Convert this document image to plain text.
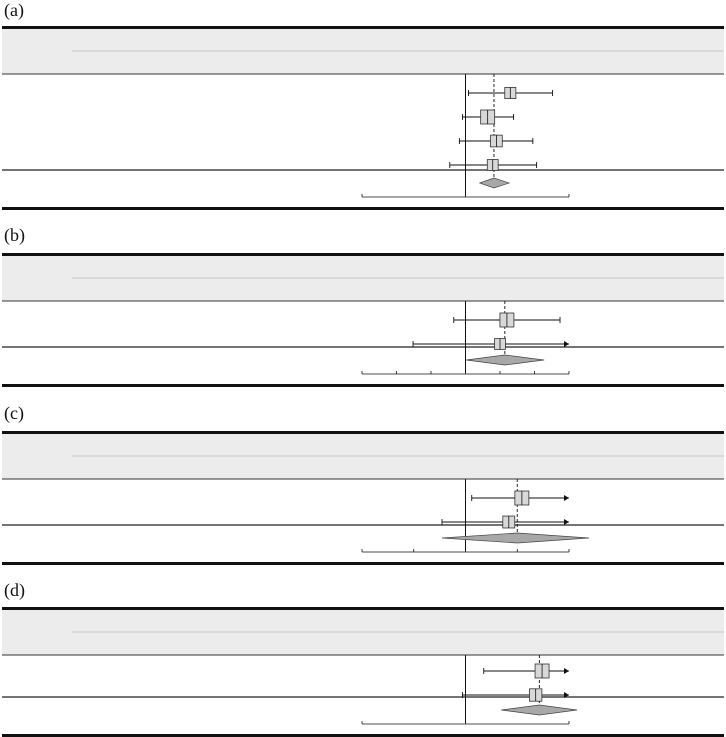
(a)
(b)
(c)
(d)
